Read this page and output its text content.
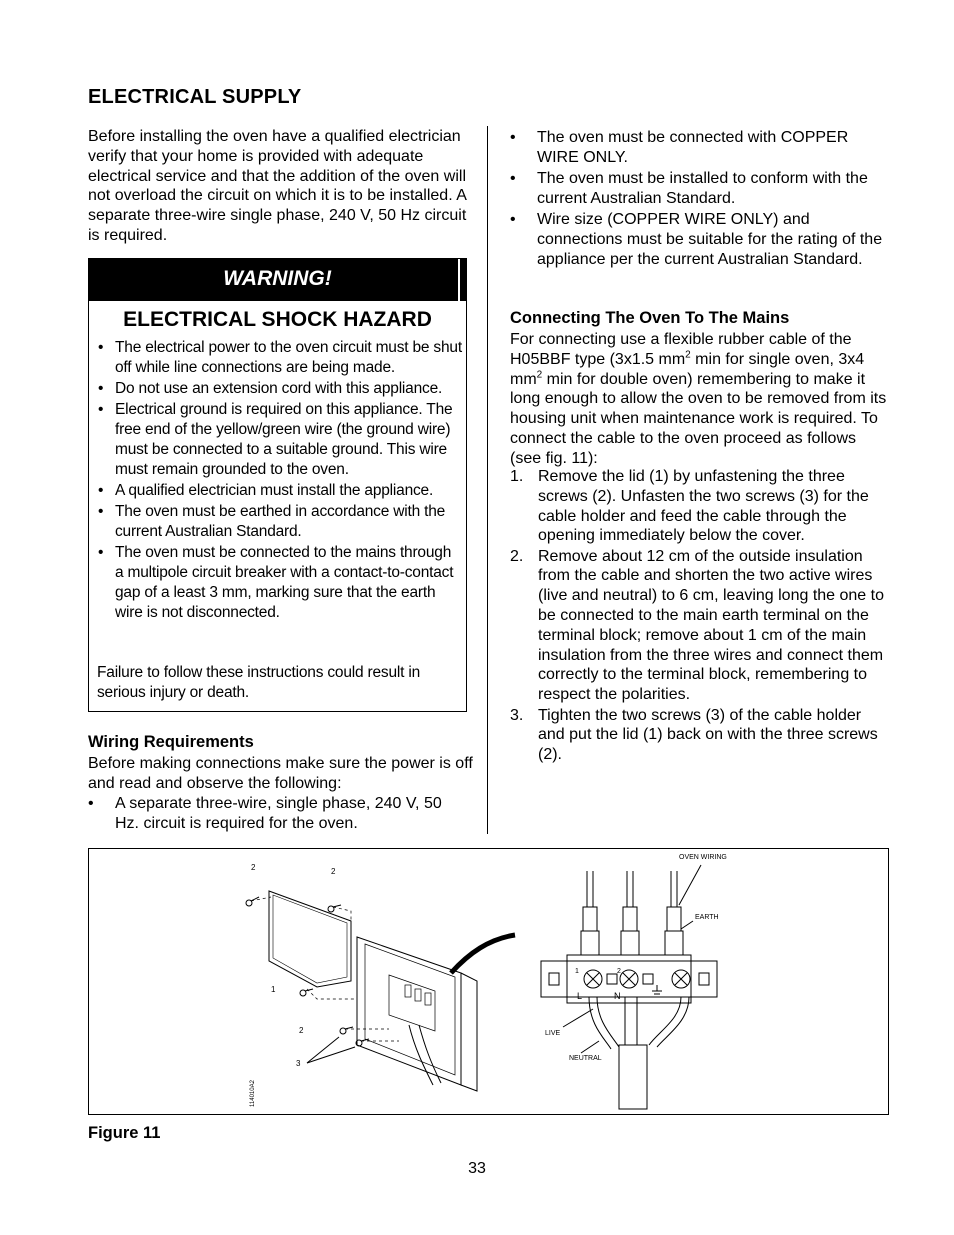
ELECTRICAL SUPPLY

Before installing the oven have a qualified electrician verify that your home is provided with adequate electrical service and that the addition of the oven will not overload the circuit on which it is to be installed. A separate three-wire single phase, 240 V, 50 Hz circuit is required.

WARNING!
ELECTRICAL SHOCK HAZARD
• The electrical power to the oven circuit must be shut off while line connections are being made.
• Do not use an extension cord with this appliance.
• Electrical ground is required on this appliance. The free end of the yellow/green wire (the ground wire) must be connected to a suitable ground. This wire must remain grounded to the oven.
• A qualified electrician must install the appliance.
• The oven must be earthed in accordance with the current Australian Standard.
• The oven must be connected to the mains through a multipole circuit breaker with a contact-to-contact gap of a least 3 mm, marking sure that the earth wire is not disconnected.
Failure to follow these instructions could result in serious injury or death.
Wiring Requirements

Before making connections make sure the power is off and read and observe the following:

• A separate three-wire, single phase, 240 V, 50 Hz. circuit is required for the oven.
• The oven must be connected with COPPER WIRE ONLY.
• The oven must be installed to conform with the current Australian Standard.
• Wire size (COPPER WIRE ONLY) and connections must be suitable for the rating of the appliance per the current Australian Standard.
Connecting The Oven To The Mains

For connecting use a flexible rubber cable of the H05BBF type (3x1.5 $mm^2$ min for single oven, 3x4 $mm^2$ min for double oven) remembering to make it long enough to allow the oven to be removed from its housing unit when maintenance work is required. To connect the cable to the oven proceed as follows (see fig. 11):

1. Remove the lid (1) by unfastening the three screws (2). Unfasten the two screws (3) for the cable holder and feed the cable through the opening immediately below the cover.
2. Remove about 12 cm of the outside insulation from the cable and shorten the two active wires (live and neutral) to 6 cm, leaving long the one to be connected to the main earth terminal on the terminal block; remove about 1 cm of the main insulation from the three wires and connect them correctly to the terminal block, remembering to respect the polarities.
3. Tighten the two screws (3) of the cable holder and put the lid (1) back on with the three screws (2).
2	2
1
2
3
114010A2
OVEN WIRING
EARTH
1	2
L	N
LIVE
NEUTRAL
Figure 11
33
